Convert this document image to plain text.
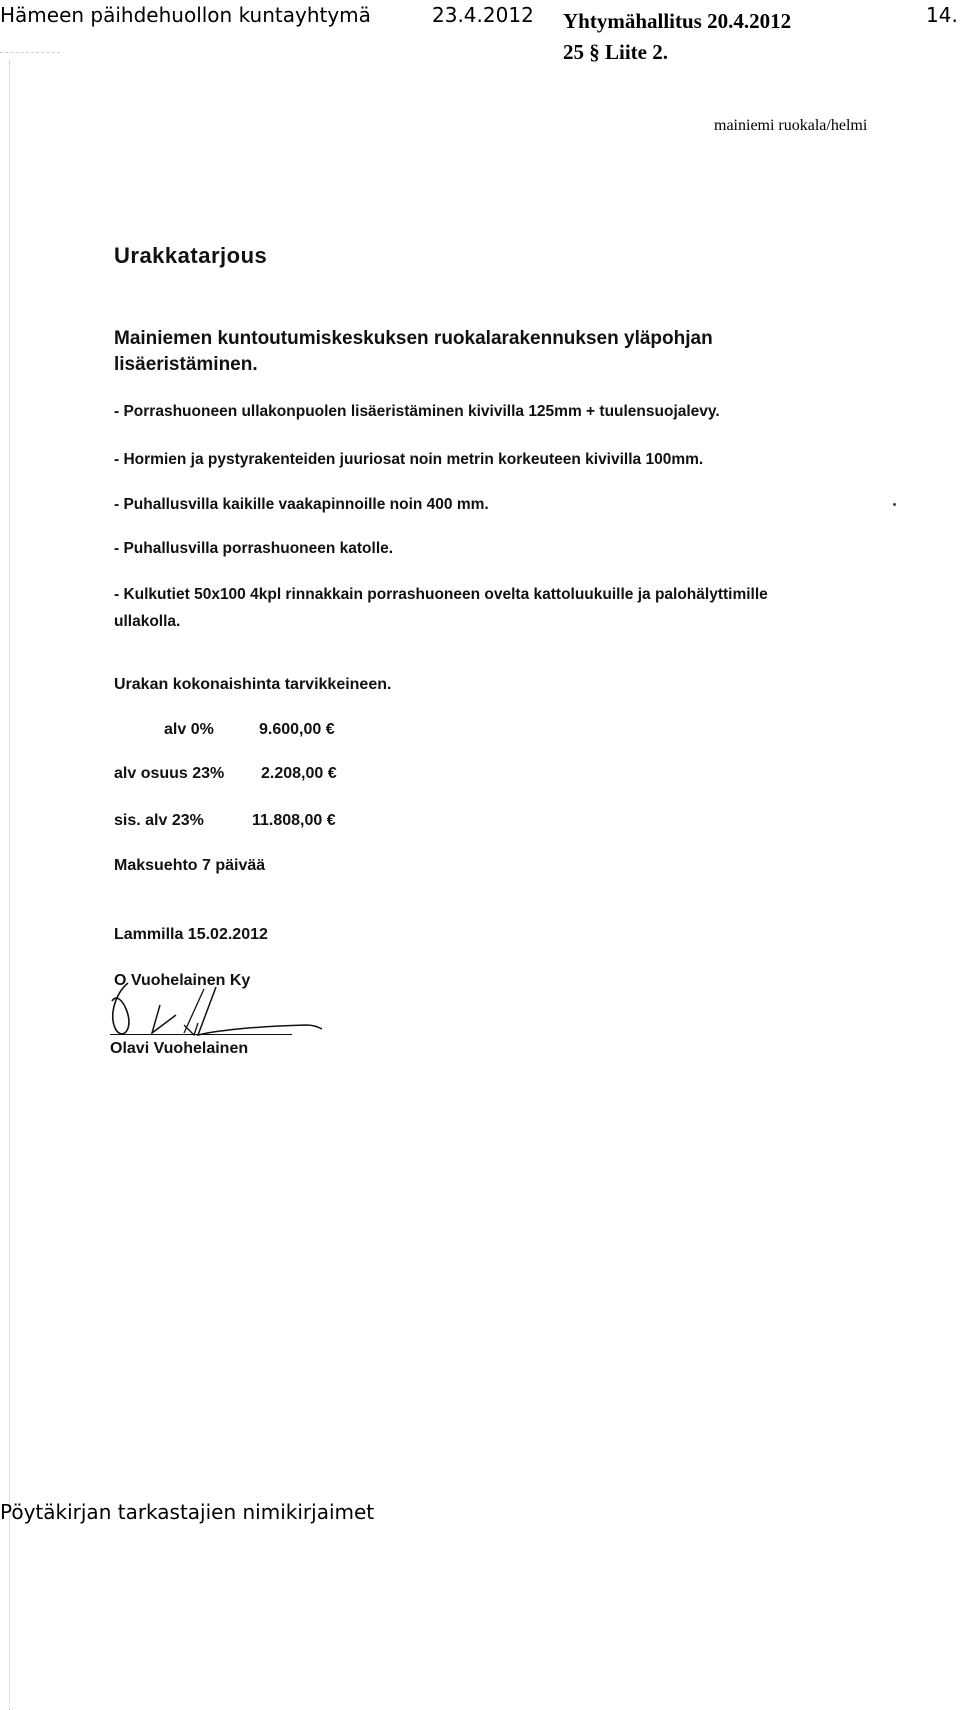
Hämeen päihdehuollon kuntayhtymä	23.4.2012 Yhtymähallitus 20.4.2012	14.
25 § Liite 2.
mainiemi ruokala/helmi
Urakkatarjous
Mainiemen kuntoutumiskeskuksen ruokalarakennuksen yläpohjan lisäeristäminen.
- Porrashuoneen ullakonpuolen lisäeristäminen kivivilla 125mm + tuulensuojalevy.
- Hormien ja pystyrakenteiden juuriosat noin metrin korkeuteen kivivilla 100mm.
- Puhallusvilla kaikille vaakapinnoille noin 400 mm.
- Puhallusvilla porrashuoneen katolle.
- Kulkutiet 50x100 4kpl rinnakkain porrashuoneen ovelta kattoluukuille ja palohälyttimille ullakolla.
Urakan kokonaishinta tarvikkeineen.
alv 0%	9.600,00 €
alv osuus 23% 2.208,00 €
sis. alv 23%	11.808,00 €
Maksuehto 7 päivää
Lammilla 15.02.2012
O Vuohelainen Ky
Olavi Vuohelainen
Pöytäkirjan tarkastajien nimikirjaimet
